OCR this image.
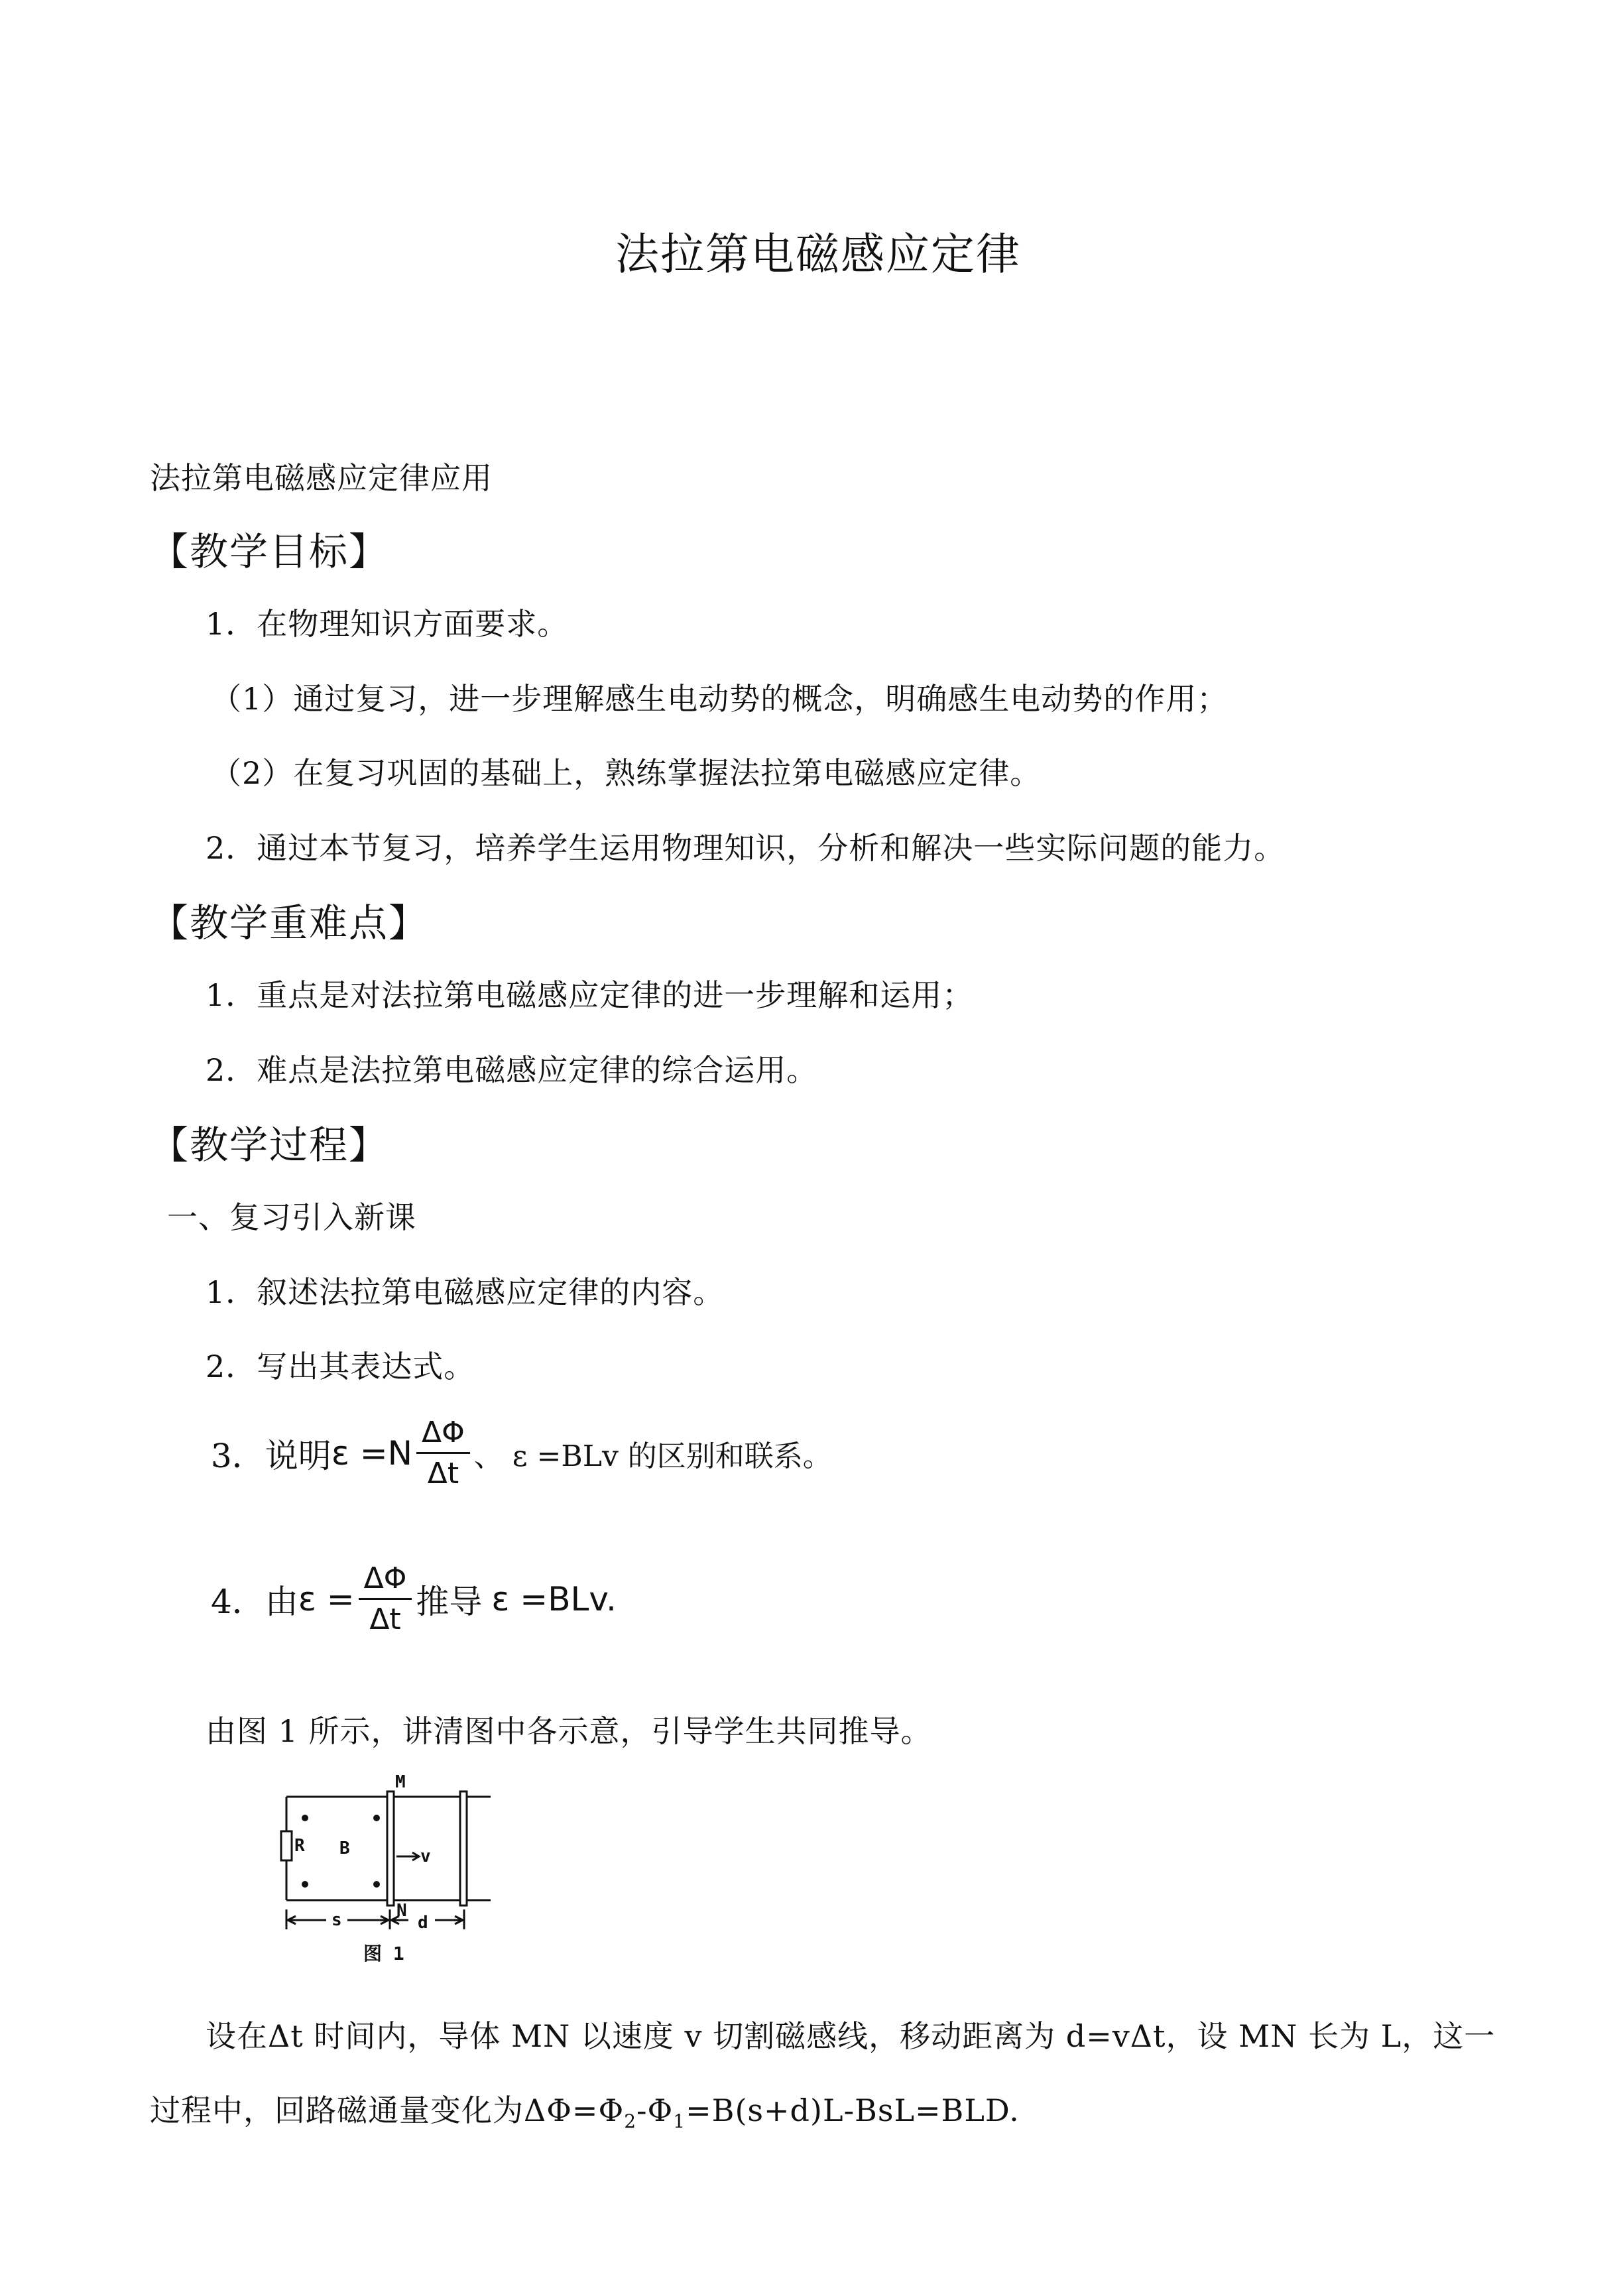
法拉第电磁感应定律
法拉第电磁感应定律应用
【教学目标】
1．在物理知识方面要求。
（1）通过复习，进一步理解感生电动势的概念，明确感生电动势的作用；
（2）在复习巩固的基础上，熟练掌握法拉第电磁感应定律。
2．通过本节复习，培养学生运用物理知识，分析和解决一些实际问题的能力。
【教学重难点】
1．重点是对法拉第电磁感应定律的进一步理解和运用；
2．难点是法拉第电磁感应定律的综合运用。
【教学过程】
一、复习引入新课
1．叙述法拉第电磁感应定律的内容。
2．写出其表达式。
3．说明 $\varepsilon =N \frac{\Delta\Phi}{\Delta t}$ 、 ε =BLv 的区别和联系。
4．由 $\varepsilon = \frac{\Delta\Phi}{\Delta t}$ 推导 ε =BLv.
由图 1 所示，讲清图中各示意，引导学生共同推导。
M
R B	v
s	N
d
图 1
设在Δt 时间内，导体 MN 以速度 v 切割磁感线，移动距离为 d=vΔt，设 MN 长为 L，这一
过程中，回路磁通量变化为$\Delta\Phi=\Phi_2-\Phi_1=B(s+d)L-BsL=BLD$.
